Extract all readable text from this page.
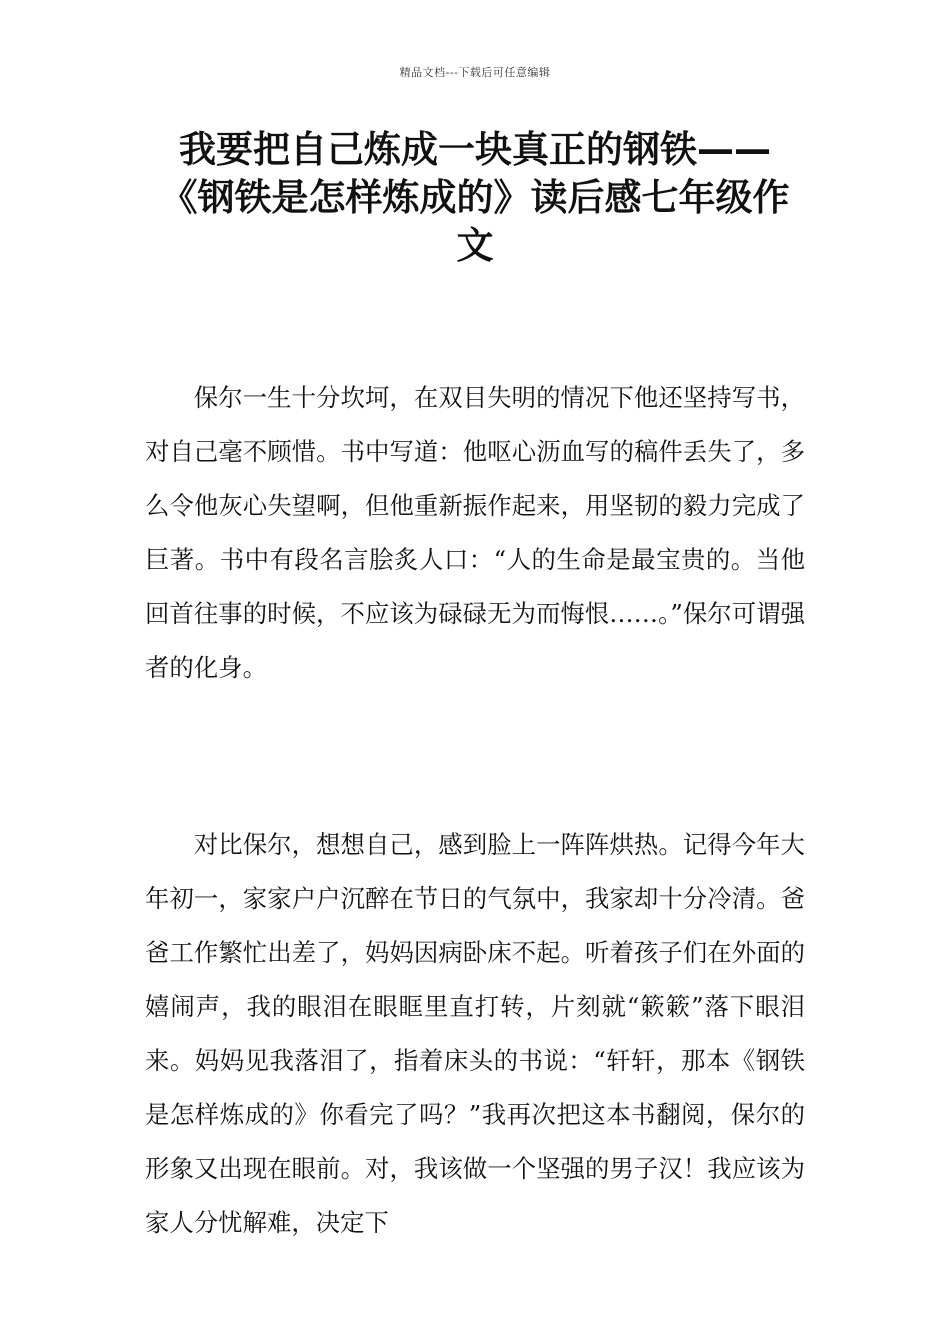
精品文档---下载后可任意编辑
我要把自己炼成一块真正的钢铁——《钢铁是怎样炼成的》读后感七年级作文

保尔一生十分坎坷，在双目失明的情况下他还坚持写书，对自己毫不顾惜。书中写道：他呕心沥血写的稿件丢失了，多么令他灰心失望啊，但他重新振作起来，用坚韧的毅力完成了巨著。书中有段名言脍炙人口：“人的生命是最宝贵的。当他回首往事的时候，不应该为碌碌无为而悔恨……。”保尔可谓强者的化身。

对比保尔，想想自己，感到脸上一阵阵烘热。记得今年大年初一，家家户户沉醉在节日的气氛中，我家却十分冷清。爸爸工作繁忙出差了，妈妈因病卧床不起。听着孩子们在外面的嬉闹声，我的眼泪在眼眶里直打转，片刻就“簌簌”落下眼泪来。妈妈见我落泪了，指着床头的书说：“轩轩，那本《钢铁是怎样炼成的》你看完了吗？”我再次把这本书翻阅，保尔的形象又出现在眼前。对，我该做一个坚强的男子汉！我应该为家人分忧解难，决定下
